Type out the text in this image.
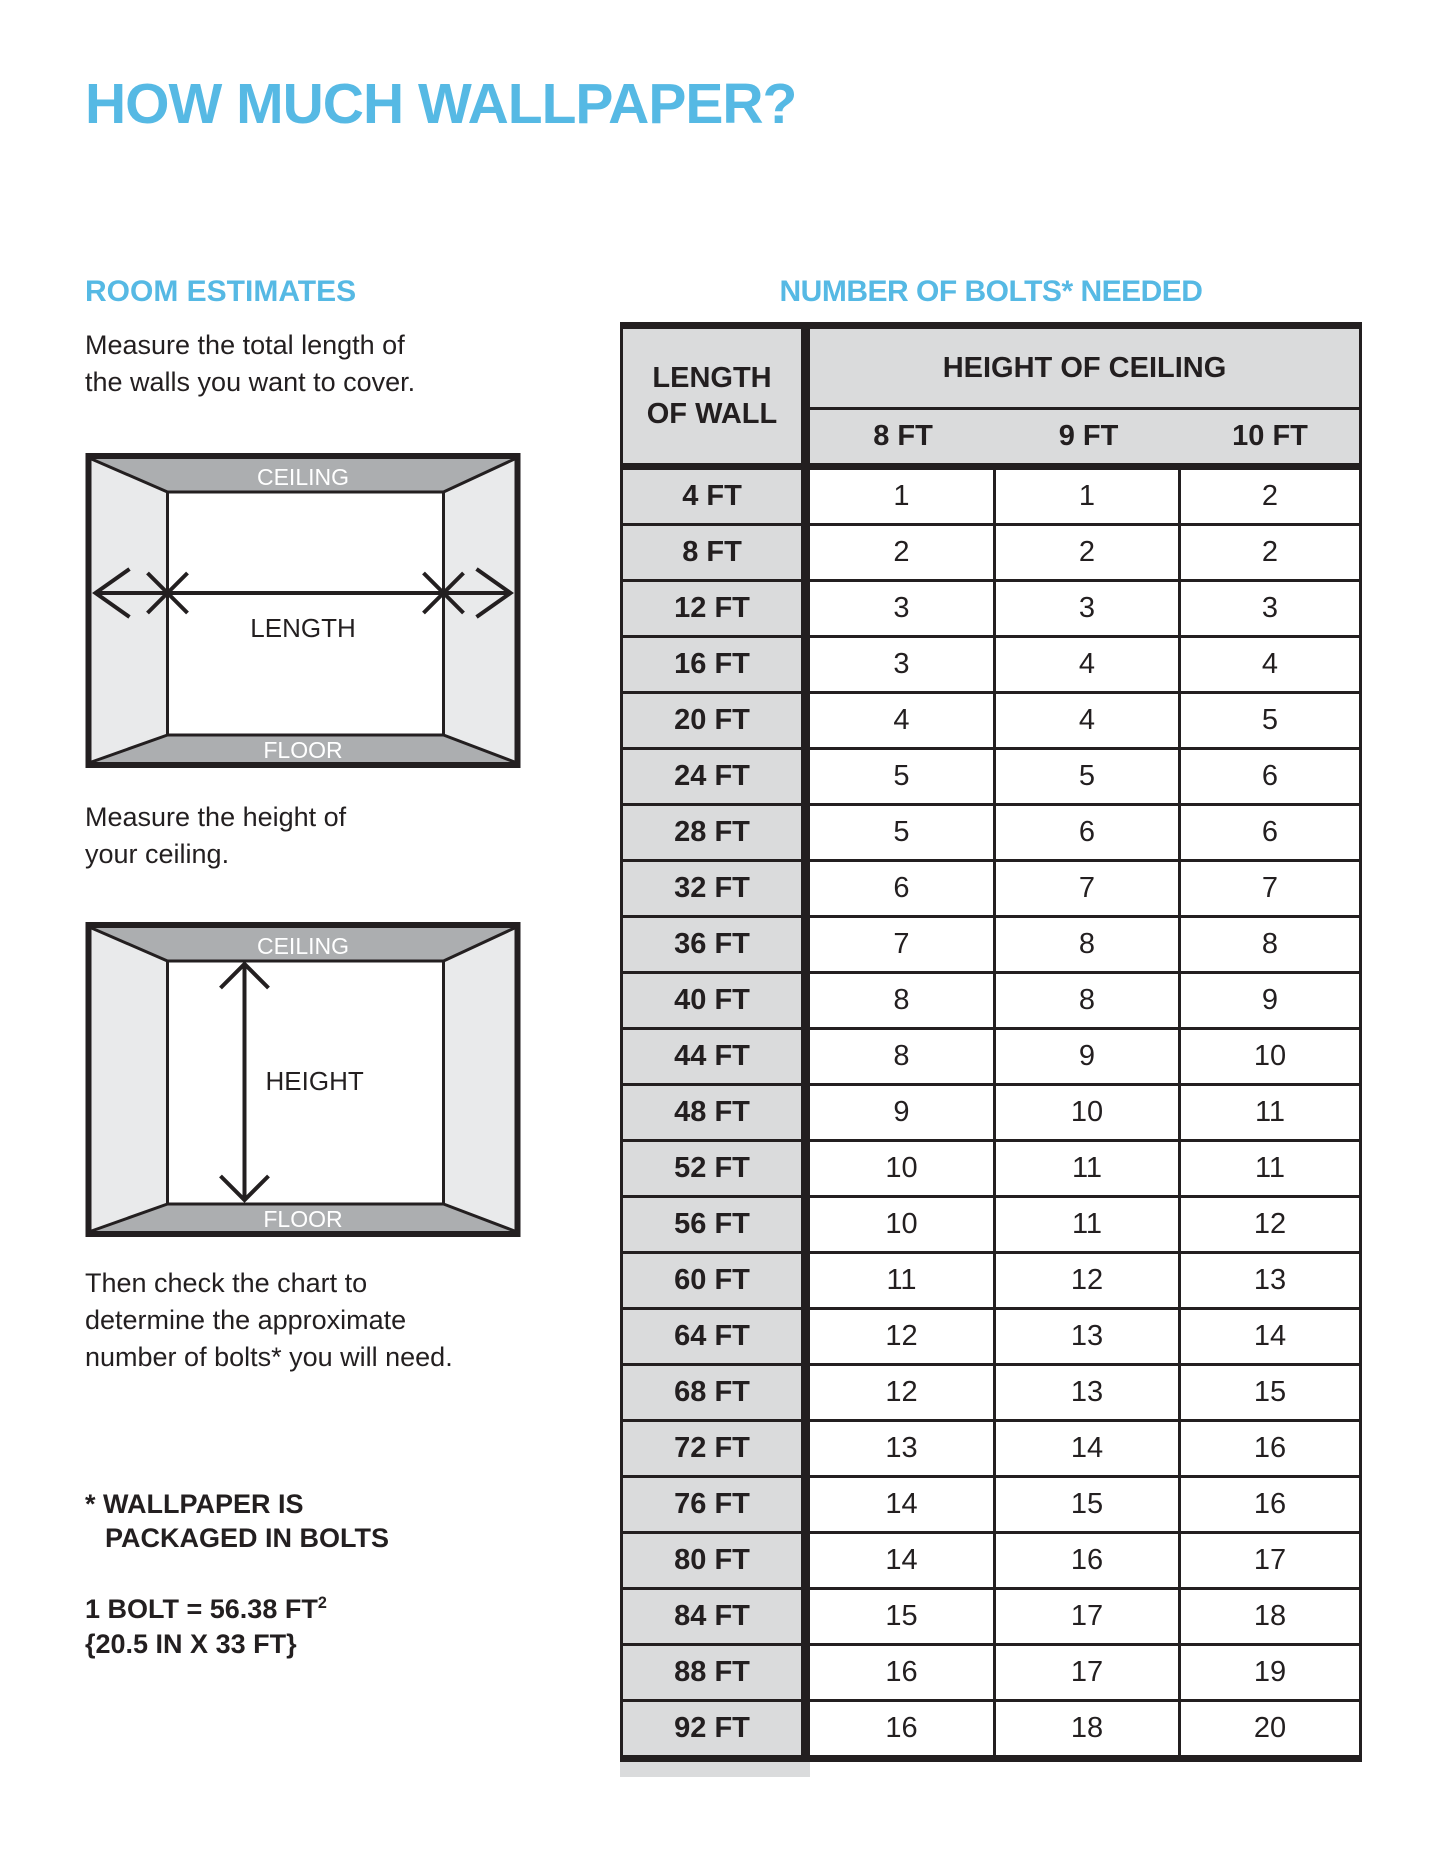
HOW MUCH WALLPAPER?
ROOM ESTIMATES	NUMBER OF BOLTS* NEEDED
Measure the total length of
the walls you want to cover.
CEILING
FLOOR
LENGTH
Measure the height of
your ceiling.
CEILING
FLOOR
HEIGHT
Then check the chart to
determine the approximate
number of bolts* you will need.
* WALLPAPER IS
PACKAGED IN BOLTS
1 BOLT = 56.38 $FT^2$
{20.5 IN X 33 FT}
LENGTH
OF WALL
HEIGHT OF CEILING
8 FT	9 FT	10 FT
4 FT	1	1	2
8 FT	2	2	2
12 FT	3	3	3
16 FT	3	4	4
20 FT	4	4	5
24 FT	5	5	6
28 FT	5	6	6
32 FT	6	7	7
36 FT	7	8	8
40 FT	8	8	9
44 FT	8	9	10
48 FT	9	10	11
52 FT	10	11	11
56 FT	10	11	12
60 FT	11	12	13
64 FT	12	13	14
68 FT	12	13	15
72 FT	13	14	16
76 FT	14	15	16
80 FT	14	16	17
84 FT	15	17	18
88 FT	16	17	19
92 FT	16	18	20
